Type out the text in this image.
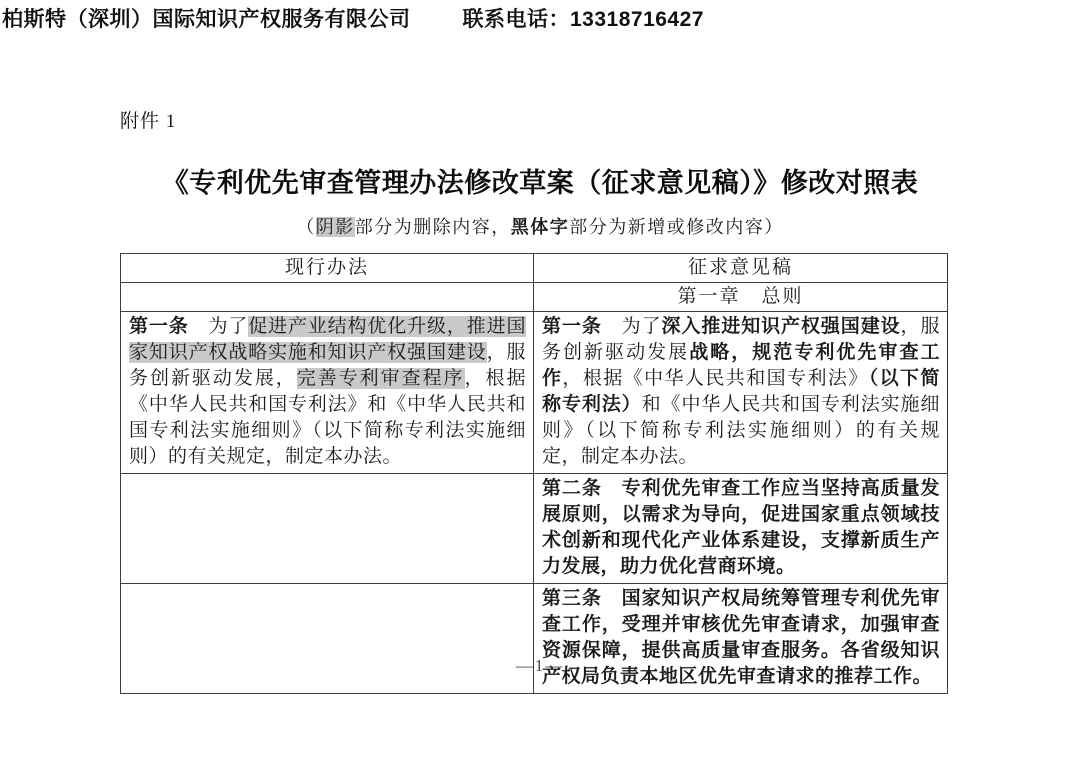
柏斯特（深圳）国际知识产权服务有限公司 联系电话：13318716427
附件 1
《专利优先审查管理办法修改草案（征求意见稿）》修改对照表
（阴影部分为删除内容，黑体字部分为新增或修改内容）
现行办法	征求意见稿
	第一章　总则
第一条　为了促进产业结构优化升级，推进国家知识产权战略实施和知识产权强国建设，服务创新驱动发展，完善专利审查程序，根据《中华人民共和国专利法》和《中华人民共和国专利法实施细则》（以下简称专利法实施细则）的有关规定，制定本办法。	第一条　为了深入推进知识产权强国建设，服务创新驱动发展战略，规范专利优先审查工作，根据《中华人民共和国专利法》（以下简称专利法）和《中华人民共和国专利法实施细则》（以下简称专利法实施细则）的有关规定，制定本办法。
	第二条　专利优先审查工作应当坚持高质量发展原则，以需求为导向，促进国家重点领域技术创新和现代化产业体系建设，支撑新质生产力发展，助力优化营商环境。
	第三条　国家知识产权局统筹管理专利优先审查工作，受理并审核优先审查请求，加强审查资源保障，提供高质量审查服务。各省级知识产权局负责本地区优先审查请求的推荐工作。
—1—
